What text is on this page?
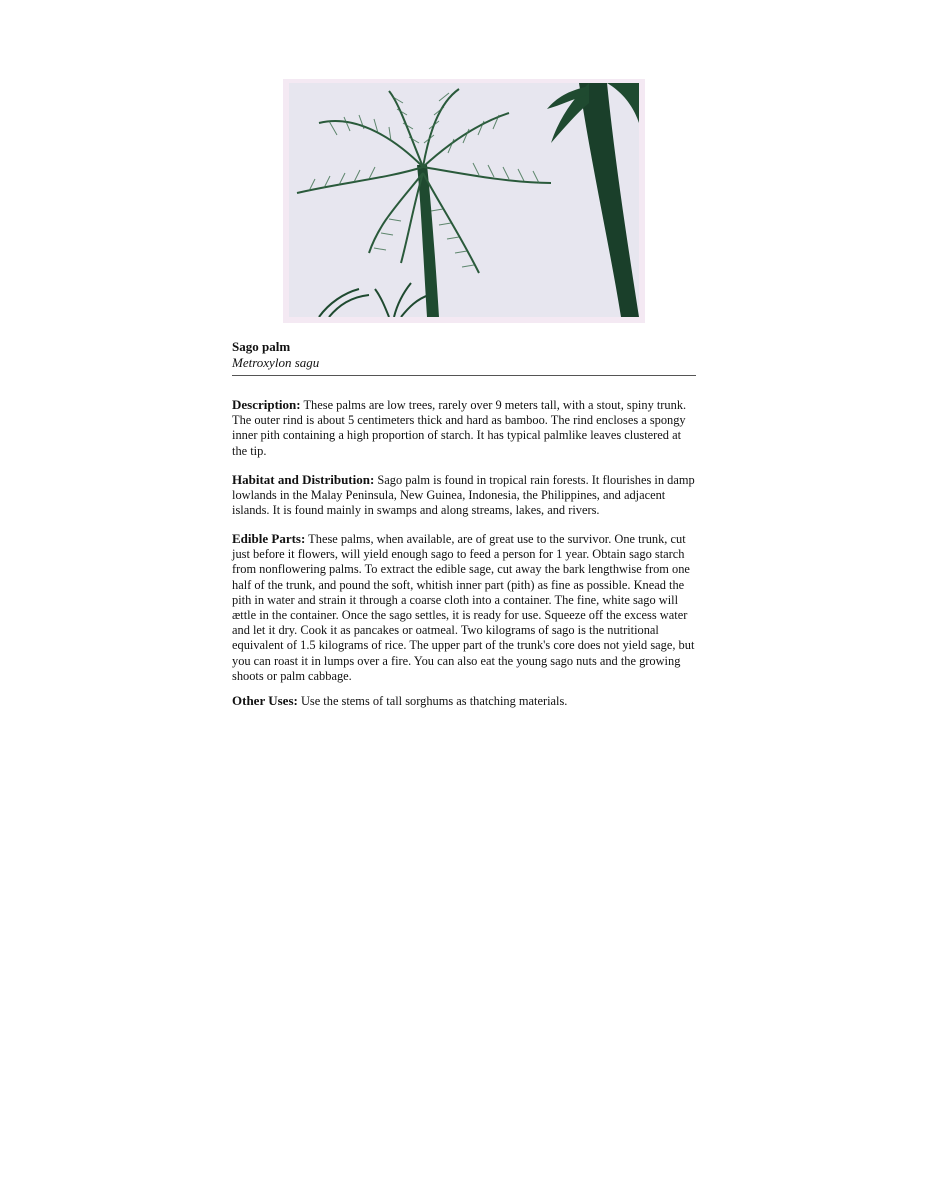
Sago palm

Metroxylon sagu

Description: These palms are low trees, rarely over 9 meters tall, with a stout, spiny trunk. The outer rind is about 5 centimeters thick and hard as bamboo. The rind encloses a spongy inner pith containing a high proportion of starch. It has typical palmlike leaves clustered at the tip.

Habitat and Distribution: Sago palm is found in tropical rain forests. It flourishes in damp lowlands in the Malay Peninsula, New Guinea, Indonesia, the Philippines, and adjacent islands. It is found mainly in swamps and along streams, lakes, and rivers.

Edible Parts: These palms, when available, are of great use to the survivor. One trunk, cut just before it flowers, will yield enough sago to feed a person for 1 year. Obtain sago starch from nonflowering palms. To extract the edible sage, cut away the bark lengthwise from one half of the trunk, and pound the soft, whitish inner part (pith) as fine as possible. Knead the pith in water and strain it through a coarse cloth into a container. The fine, white sago will ættle in the container. Once the sago settles, it is ready for use. Squeeze off the excess water and let it dry. Cook it as pancakes or oatmeal. Two kilograms of sago is the nutritional equivalent of 1.5 kilograms of rice. The upper part of the trunk's core does not yield sage, but you can roast it in lumps over a fire. You can also eat the young sago nuts and the growing shoots or palm cabbage.

Other Uses: Use the stems of tall sorghums as thatching materials.
